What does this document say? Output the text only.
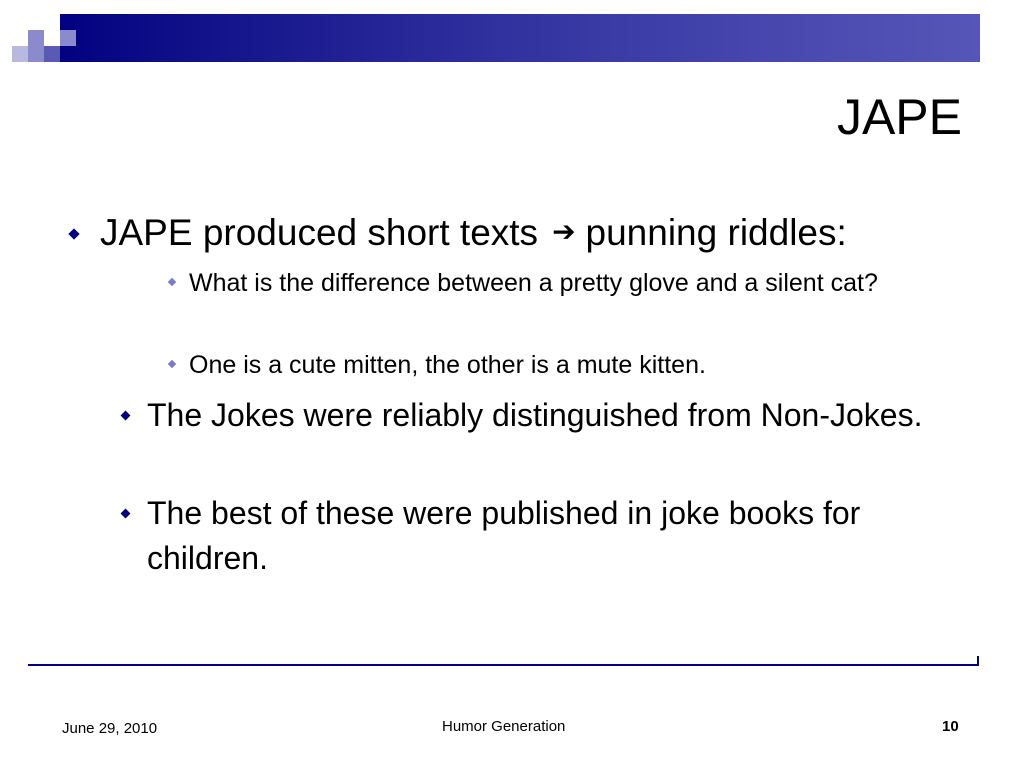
JAPE
JAPE produced short texts ➔ punning riddles:
What is the difference between a pretty glove and a silent cat?
One is a cute mitten, the other is a mute kitten.
The Jokes were reliably distinguished from Non-Jokes.
The best of these were published in joke books for children.
June 29, 2010	Humor Generation	10
